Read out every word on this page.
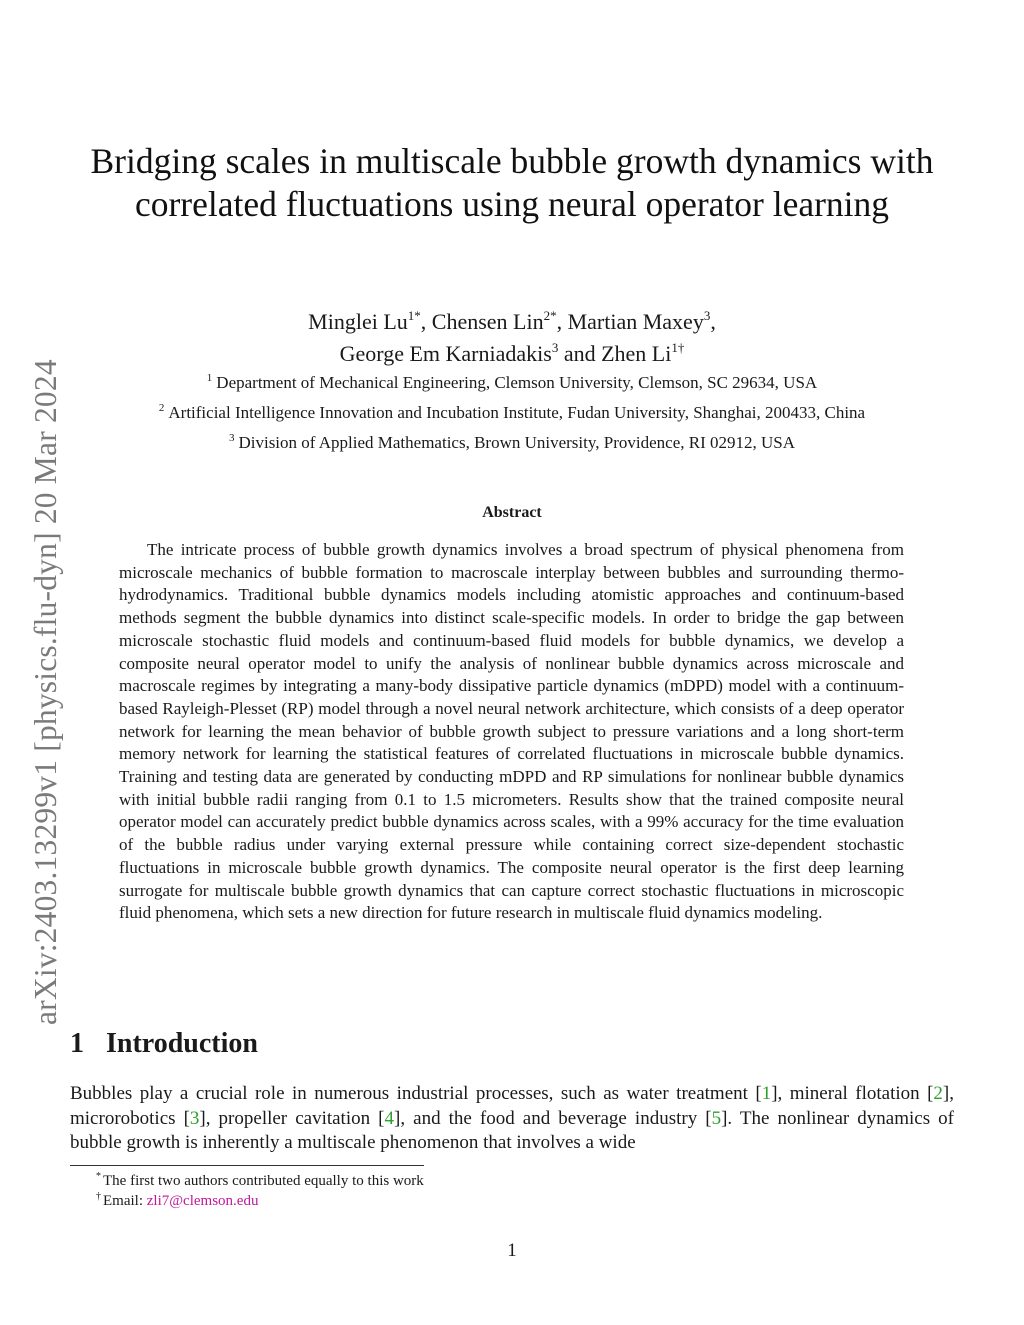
arXiv:2403.13299v1 [physics.flu-dyn] 20 Mar 2024
Bridging scales in multiscale bubble growth dynamics with correlated fluctuations using neural operator learning
Minglei $Lu^{1*}$, Chensen Lin$^{2*}$, Martian Maxey$^3$,
George Em Karniadakis$^3$ and Zhen $Li^{1\dagger}$
$^1$ Department of Mechanical Engineering, Clemson University, Clemson, SC 29634, USA
$^2$ Artificial Intelligence Innovation and Incubation Institute, Fudan University, Shanghai, 200433, China
$^3$ Division of Applied Mathematics, Brown University, Providence, RI 02912, USA
Abstract

The intricate process of bubble growth dynamics involves a broad spectrum of physical phenomena from microscale mechanics of bubble formation to macroscale interplay between bubbles and surrounding thermo-hydrodynamics. Traditional bubble dynamics models including atomistic approaches and continuum-based methods segment the bubble dynamics into distinct scale-specific models. In order to bridge the gap between microscale stochastic fluid models and continuum-based fluid models for bubble dynamics, we develop a composite neural operator model to unify the analysis of nonlinear bubble dynamics across microscale and macroscale regimes by integrating a many-body dissipative particle dynamics (mDPD) model with a continuum-based Rayleigh-Plesset (RP) model through a novel neural network architecture, which consists of a deep operator network for learning the mean behavior of bubble growth subject to pressure variations and a long short-term memory network for learning the statistical features of correlated fluctuations in microscale bubble dynamics. Training and testing data are generated by conducting mDPD and RP simulations for nonlinear bubble dynamics with initial bubble radii ranging from 0.1 to 1.5 micrometers. Results show that the trained composite neural operator model can accurately predict bubble dynamics across scales, with a 99% accuracy for the time evaluation of the bubble radius under varying external pressure while containing correct size-dependent stochastic fluctuations in microscale bubble growth dynamics. The composite neural operator is the first deep learning surrogate for multiscale bubble growth dynamics that can capture correct stochastic fluctuations in microscopic fluid phenomena, which sets a new direction for future research in multiscale fluid dynamics modeling.

1 Introduction

Bubbles play a crucial role in numerous industrial processes, such as water treatment [1], mineral flotation [2], microrobotics [3], propeller cavitation [4], and the food and beverage industry [5]. The nonlinear dynamics of bubble growth is inherently a multiscale phenomenon that involves a wide

* The first two authors contributed equally to this work
† Email: zli7@clemson.edu
1
